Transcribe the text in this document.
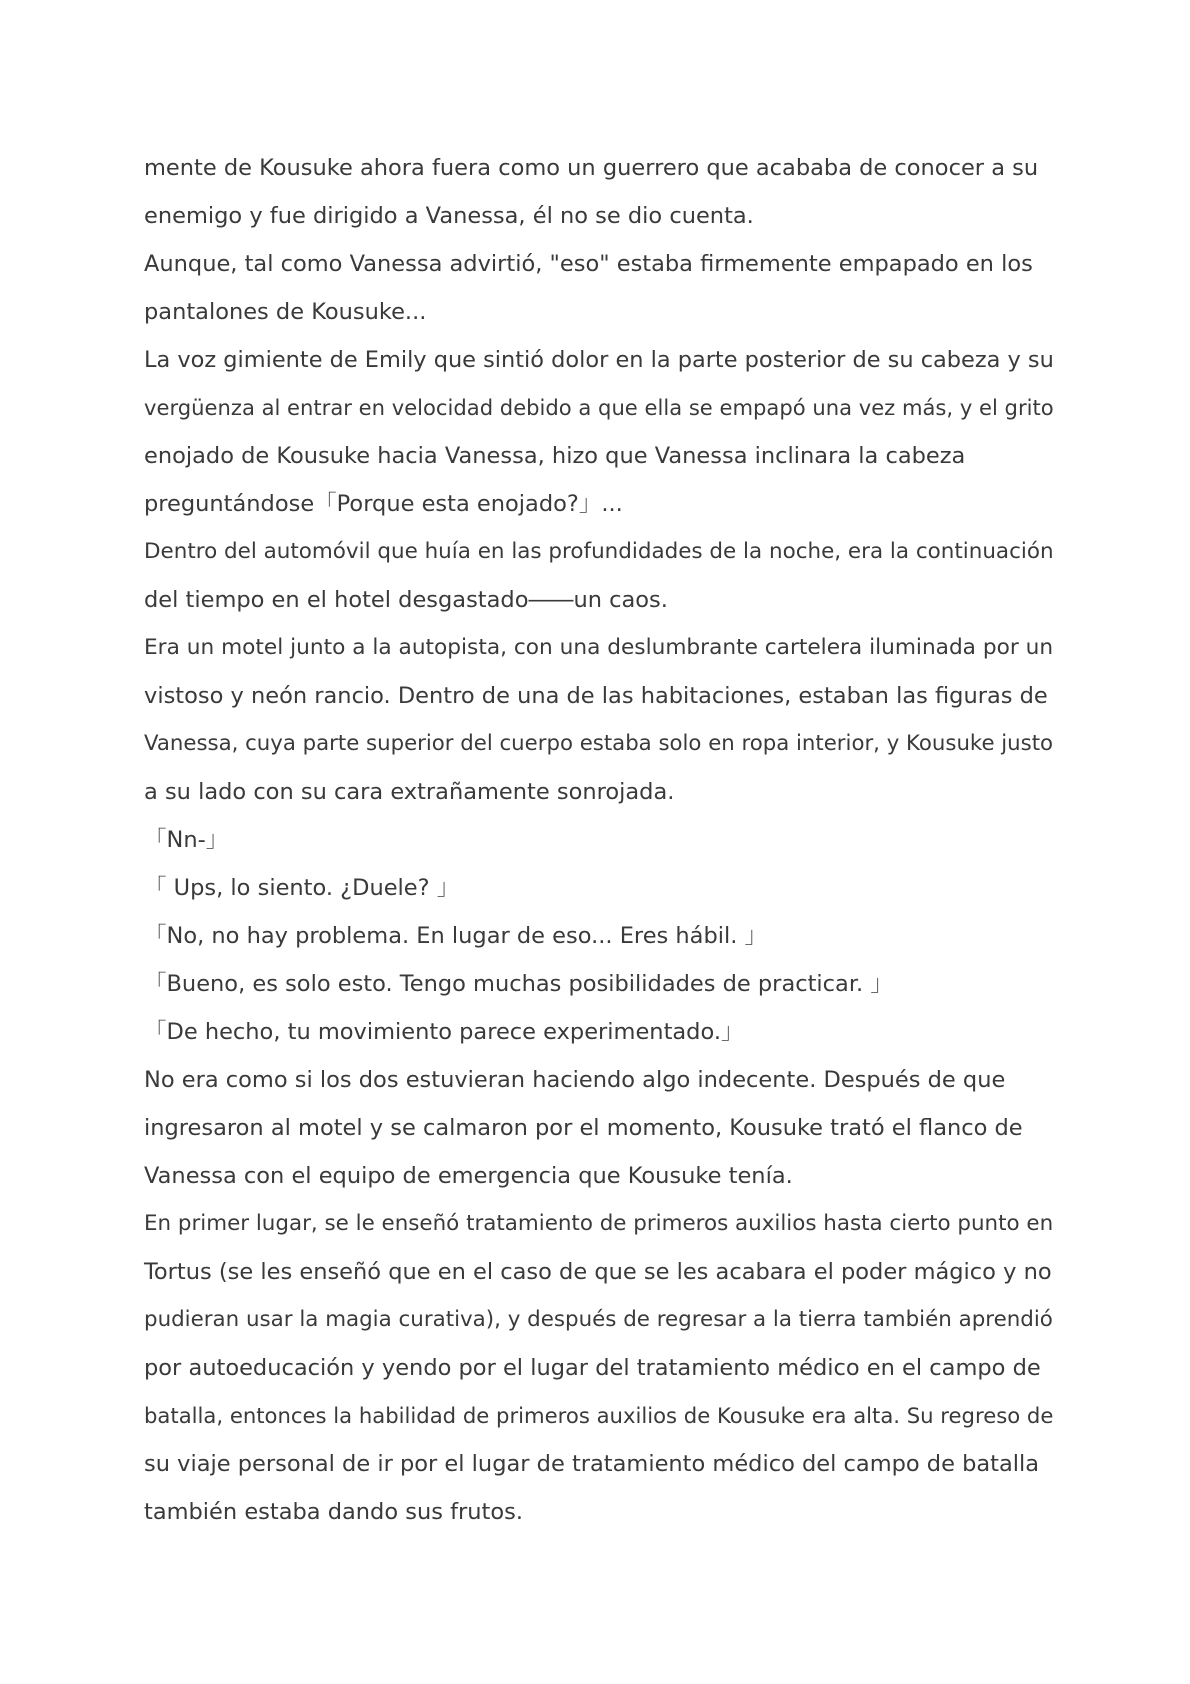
mente de Kousuke ahora fuera como un guerrero que acababa de conocer a su

enemigo y fue dirigido a Vanessa, él no se dio cuenta.

Aunque, tal como Vanessa advirtió, "eso" estaba firmemente empapado en los

pantalones de Kousuke...

La voz gimiente de Emily que sintió dolor en la parte posterior de su cabeza y su

vergüenza al entrar en velocidad debido a que ella se empapó una vez más, y el grito

enojado de Kousuke hacia Vanessa, hizo que Vanessa inclinara la cabeza

preguntándose「Porque esta enojado?」...

Dentro del automóvil que huía en las profundidades de la noche, era la continuación

del tiempo en el hotel desgastado――un caos.

Era un motel junto a la autopista, con una deslumbrante cartelera iluminada por un

vistoso y neón rancio. Dentro de una de las habitaciones, estaban las figuras de

Vanessa, cuya parte superior del cuerpo estaba solo en ropa interior, y Kousuke justo

a su lado con su cara extrañamente sonrojada.

「Nn-」

「 Ups, lo siento. ¿Duele? 」

「No, no hay problema. En lugar de eso... Eres hábil. 」

「Bueno, es solo esto. Tengo muchas posibilidades de practicar. 」

「De hecho, tu movimiento parece experimentado.」

No era como si los dos estuvieran haciendo algo indecente. Después de que

ingresaron al motel y se calmaron por el momento, Kousuke trató el flanco de

Vanessa con el equipo de emergencia que Kousuke tenía.

En primer lugar, se le enseñó tratamiento de primeros auxilios hasta cierto punto en

Tortus (se les enseñó que en el caso de que se les acabara el poder mágico y no

pudieran usar la magia curativa), y después de regresar a la tierra también aprendió

por autoeducación y yendo por el lugar del tratamiento médico en el campo de

batalla, entonces la habilidad de primeros auxilios de Kousuke era alta. Su regreso de

su viaje personal de ir por el lugar de tratamiento médico del campo de batalla

también estaba dando sus frutos.
